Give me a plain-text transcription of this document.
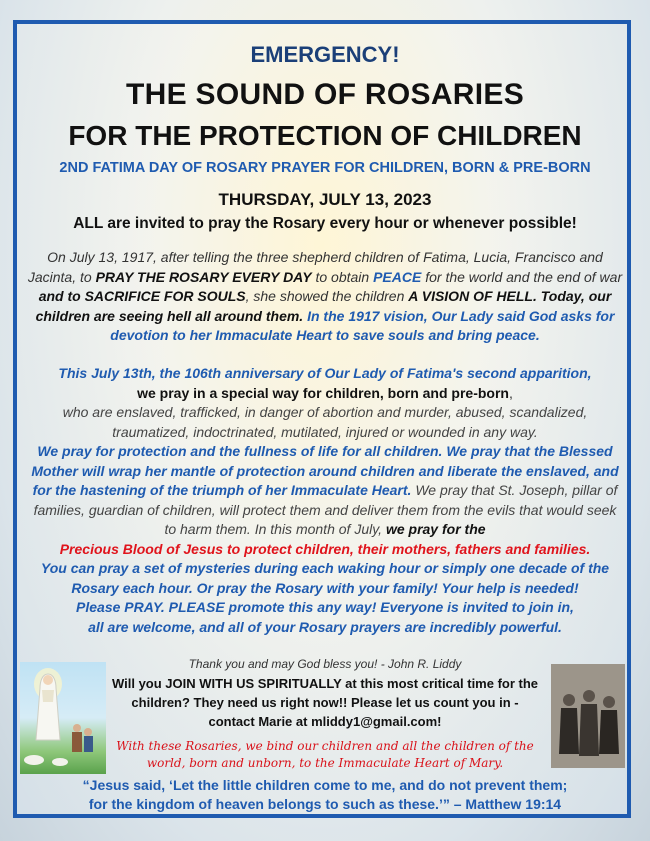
EMERGENCY!
THE SOUND OF ROSARIES
FOR THE PROTECTION OF CHILDREN
2ND FATIMA DAY OF ROSARY PRAYER FOR CHILDREN, BORN & PRE-BORN
THURSDAY, JULY 13, 2023
ALL are invited to pray the Rosary every hour or whenever possible!
On July 13, 1917, after telling the three shepherd children of Fatima, Lucia, Francisco and Jacinta, to PRAY THE ROSARY EVERY DAY to obtain PEACE for the world and the end of war and to SACRIFICE FOR SOULS, she showed the children A VISION OF HELL. Today, our children are seeing hell all around them. In the 1917 vision, Our Lady said God asks for devotion to her Immaculate Heart to save souls and bring peace.
This July 13th, the 106th anniversary of Our Lady of Fatima's second apparition,
we pray in a special way for children, born and pre-born,
who are enslaved, trafficked, in danger of abortion and murder, abused, scandalized, traumatized, indoctrinated, mutilated, injured or wounded in any way.
We pray for protection and the fullness of life for all children. We pray that the Blessed Mother will wrap her mantle of protection around children and liberate the enslaved, and for the hastening of the triumph of her Immaculate Heart. We pray that St. Joseph, pillar of families, guardian of children, will protect them and deliver them from the evils that would seek to harm them. In this month of July, we pray for the
Precious Blood of Jesus to protect children, their mothers, fathers and families.
You can pray a set of mysteries during each waking hour or simply one decade of the Rosary each hour. Or pray the Rosary with your family! Your help is needed!
Please PRAY. PLEASE promote this any way! Everyone is invited to join in,
all are welcome, and all of your Rosary prayers are incredibly powerful.
Thank you and may God bless you! - John R. Liddy
Will you JOIN WITH US SPIRITUALLY at this most critical time for the children? They need us right now!! Please let us count you in - contact Marie at mliddy1@gmail.com!
With these Rosaries, we bind our children and all the children of the world, born and unborn, to the Immaculate Heart of Mary.
“Jesus said, ‘Let the little children come to me, and do not prevent them;
for the kingdom of heaven belongs to such as these.’” – Matthew 19:14
